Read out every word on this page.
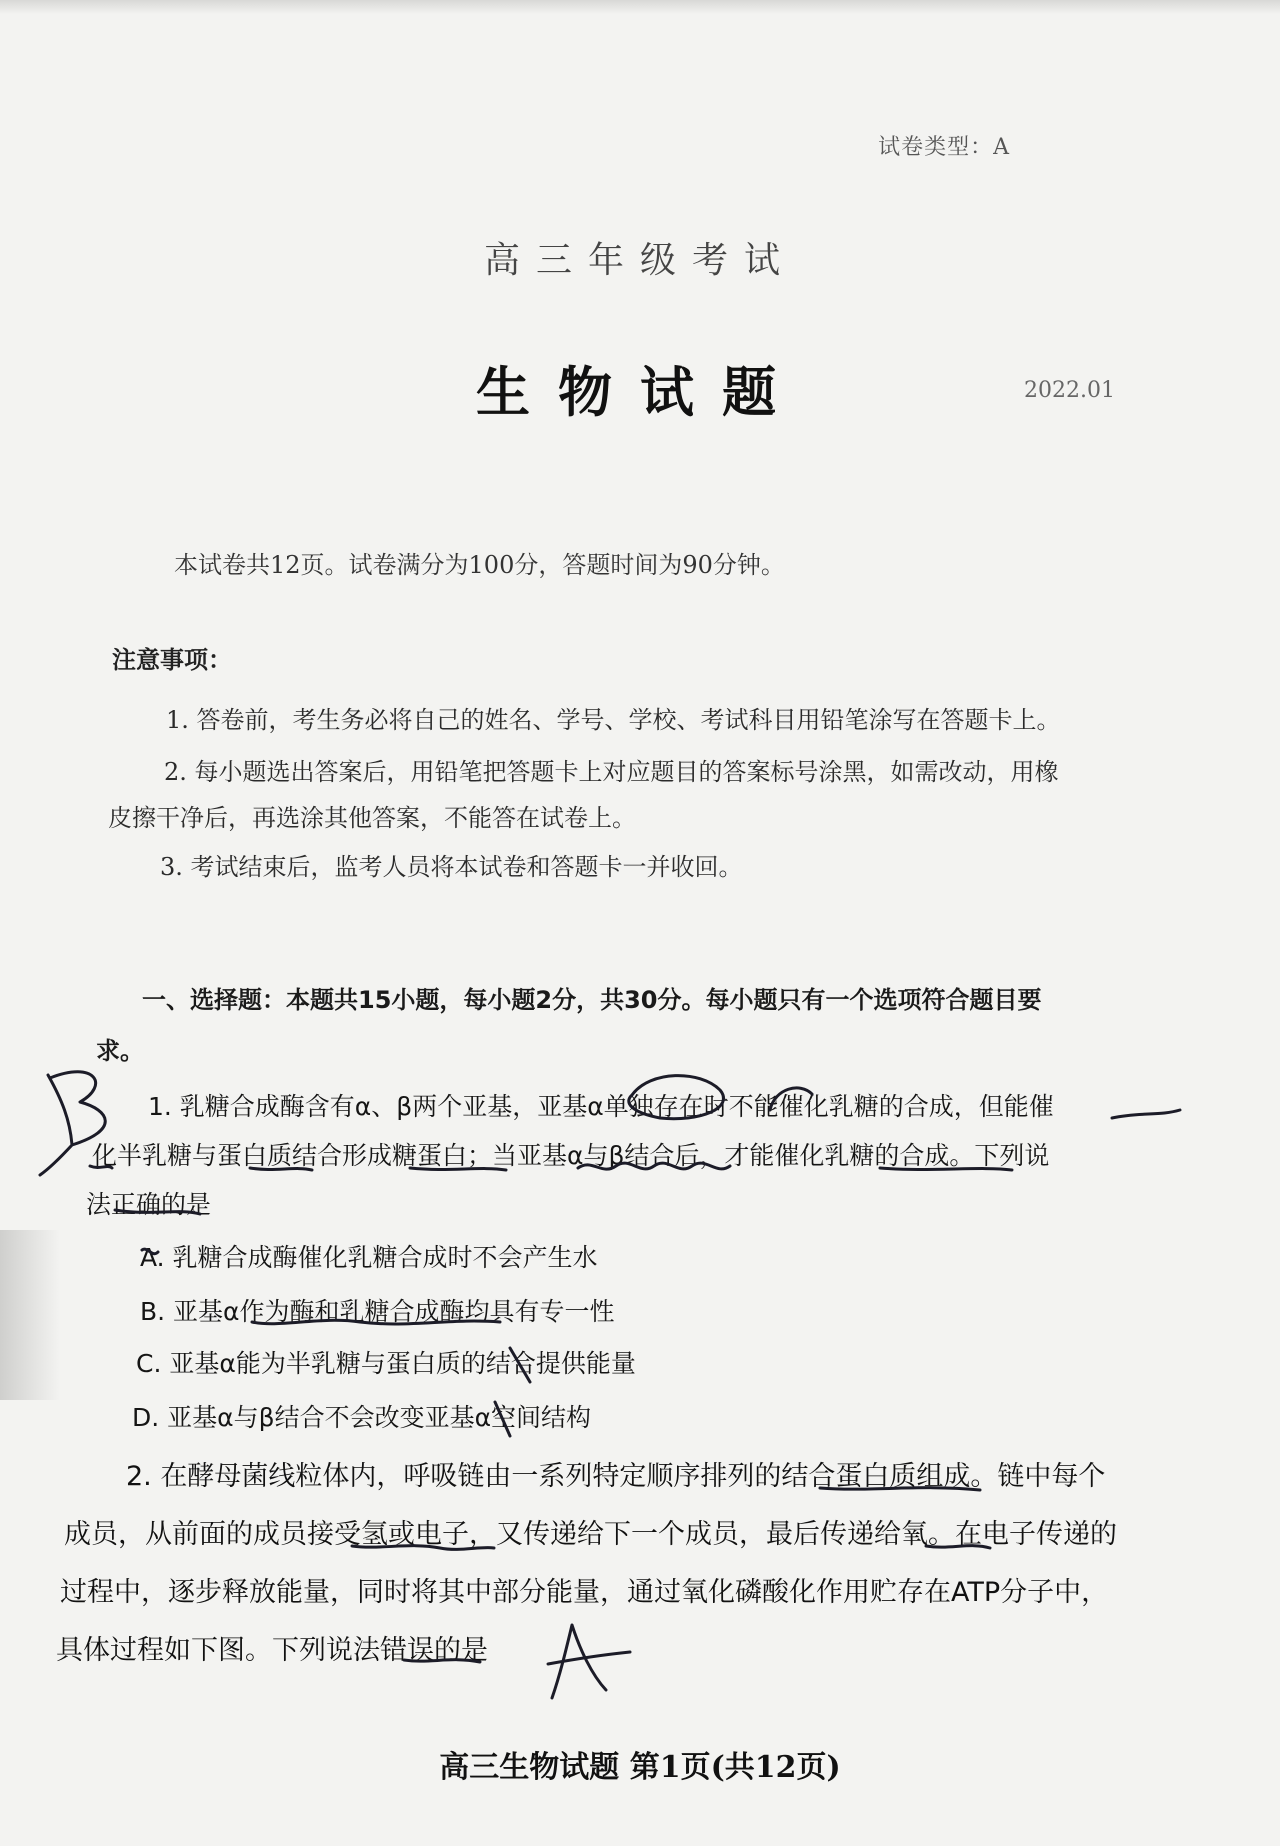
试卷类型：A
高三年级考试
生物试题	2022.01
本试卷共12页。试卷满分为100分，答题时间为90分钟。
注意事项：
1. 答卷前，考生务必将自己的姓名、学号、学校、考试科目用铅笔涂写在答题卡上。
2. 每小题选出答案后，用铅笔把答题卡上对应题目的答案标号涂黑，如需改动，用橡
皮擦干净后，再选涂其他答案，不能答在试卷上。
3. 考试结束后，监考人员将本试卷和答题卡一并收回。
一、选择题：本题共15小题，每小题2分，共30分。每小题只有一个选项符合题目要
求。
1. 乳糖合成酶含有α、β两个亚基，亚基α单独存在时不能催化乳糖的合成，但能催
化半乳糖与蛋白质结合形成糖蛋白；当亚基α与β结合后，才能催化乳糖的合成。下列说
法正确的是
A. 乳糖合成酶催化乳糖合成时不会产生水
B. 亚基α作为酶和乳糖合成酶均具有专一性
C. 亚基α能为半乳糖与蛋白质的结合提供能量
D. 亚基α与β结合不会改变亚基α空间结构
2. 在酵母菌线粒体内，呼吸链由一系列特定顺序排列的结合蛋白质组成。链中每个
成员，从前面的成员接受氢或电子，又传递给下一个成员，最后传递给氧。在电子传递的
过程中，逐步释放能量，同时将其中部分能量，通过氧化磷酸化作用贮存在ATP分子中，
具体过程如下图。下列说法错误的是
高三生物试题 第1页(共12页)
